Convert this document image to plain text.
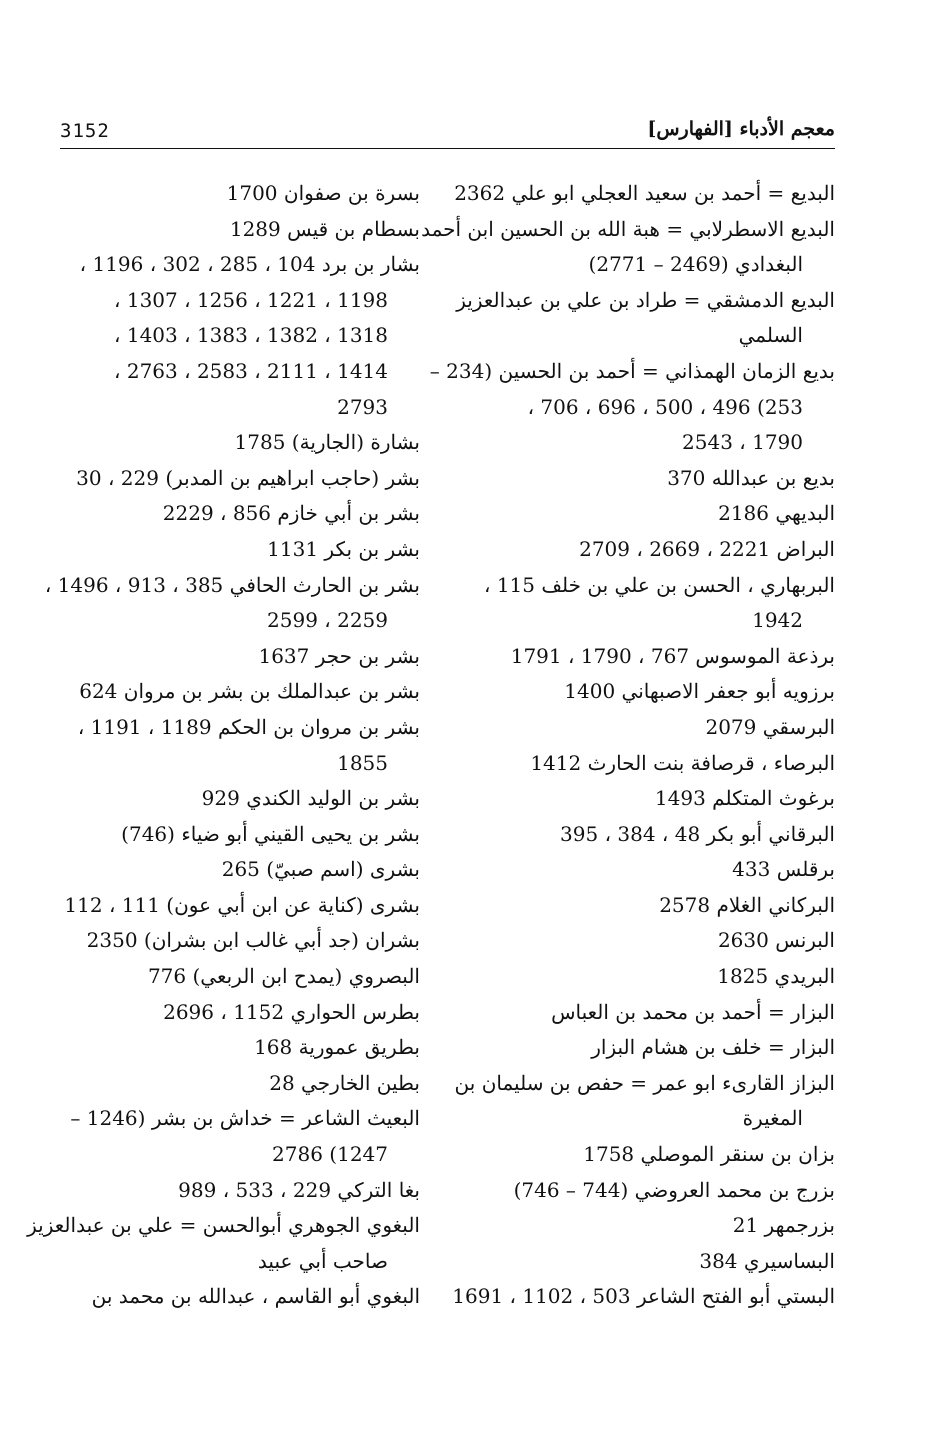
3152	معجم الأدباء [الفهارس]
البديع = أحمد بن سعيد العجلي ابو علي 2362
البديع الاسطرلابي = هبة الله بن الحسين ابن أحمد
البغدادي (2469 – 2771)
البديع الدمشقي = طراد بن علي بن عبدالعزيز
السلمي
بديع الزمان الهمذاني = أحمد بن الحسين (234 –
253) 496 ، 500 ، 696 ، 706 ،
1790 ، 2543
بديع بن عبدالله 370
البديهي 2186
البراض 2221 ، 2669 ، 2709
البربهاري ، الحسن بن علي بن خلف 115 ،
1942
برذعة الموسوس 767 ، 1790 ، 1791
برزويه أبو جعفر الاصبهاني 1400
البرسقي 2079
البرصاء ، قرصافة بنت الحارث 1412
برغوث المتكلم 1493
البرقاني أبو بكر 48 ، 384 ، 395
برقلس 433
البركاني الغلام 2578
البرنس 2630
البريدي 1825
البزار = أحمد بن محمد بن العباس
البزار = خلف بن هشام البزار
البزاز القارىء ابو عمر = حفص بن سليمان بن
المغيرة
بزان بن سنقر الموصلي 1758
بزرج بن محمد العروضي (744 – 746)
بزرجمهر 21
البساسيري 384
البستي أبو الفتح الشاعر 503 ، 1102 ، 1691
بسرة بن صفوان 1700
بسطام بن قيس 1289
بشار بن برد 104 ، 285 ، 302 ، 1196 ،
1198 ، 1221 ، 1256 ، 1307 ،
1318 ، 1382 ، 1383 ، 1403 ،
1414 ، 2111 ، 2583 ، 2763 ،
2793
بشارة (الجارية) 1785
بشر (حاجب ابراهيم بن المدبر) 229 ، 30
بشر بن أبي خازم 856 ، 2229
بشر بن بكر 1131
بشر بن الحارث الحافي 385 ، 913 ، 1496 ،
2259 ، 2599
بشر بن حجر 1637
بشر بن عبدالملك بن بشر بن مروان 624
بشر بن مروان بن الحكم 1189 ، 1191 ،
1855
بشر بن الوليد الكندي 929
بشر بن يحيى القيني أبو ضياء (746)
بشرى (اسم صبيّ) 265
بشرى (كناية عن ابن أبي عون) 111 ، 112
بشران (جد أبي غالب ابن بشران) 2350
البصروي (يمدح ابن الربعي) 776
بطرس الحواري 1152 ، 2696
بطريق عمورية 168
بطين الخارجي 28
البعيث الشاعر = خداش بن بشر (1246 –
1247) 2786
بغا التركي 229 ، 533 ، 989
البغوي الجوهري أبوالحسن = علي بن عبدالعزيز
صاحب أبي عبيد
البغوي أبو القاسم ، عبدالله بن محمد بن
